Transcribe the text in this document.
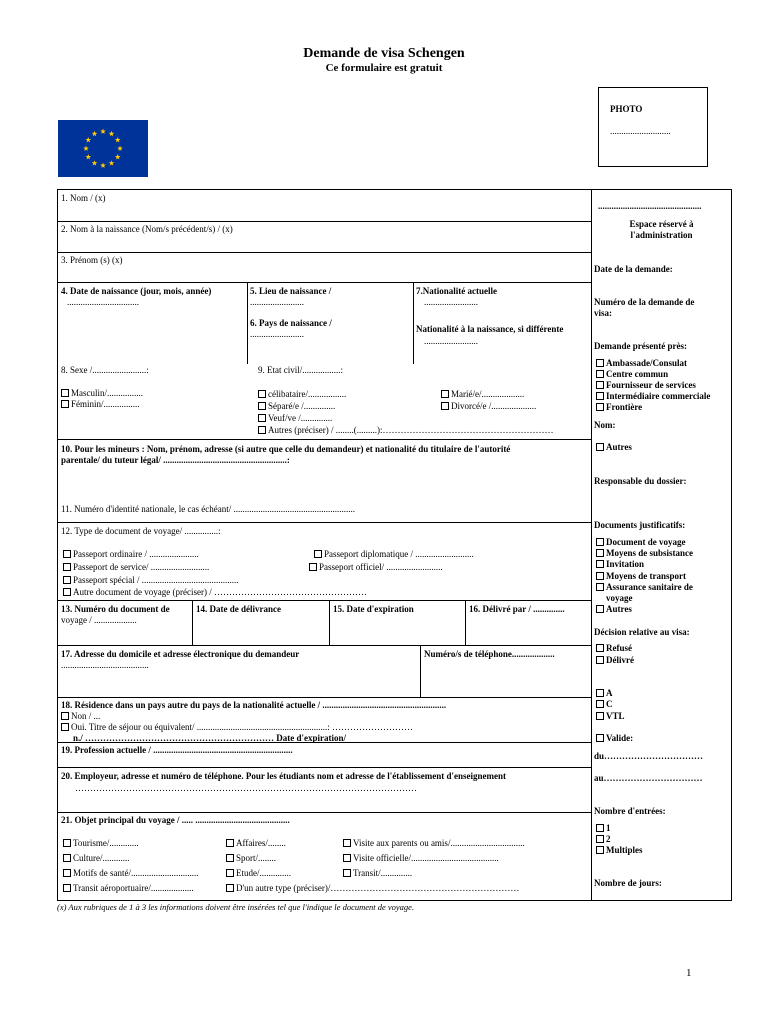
Demande de visa Schengen
Ce formulaire est gratuit
PHOTO
...........................
1. Nom / (x)
2. Nom à la naissance (Nom/s précédent/s) / (x)
3. Prénom (s) (x)
4. Date de naissance (jour, mois, année)
................................
5. Lieu de naissance /
........................
6. Pays de naissance /
........................
7.Nationalité actuelle
........................
Nationalité à la naissance, si différente
........................
8. Sexe /........................:
Masculin/................
Féminin/................
9. Etat civil/.................:
célibataire/.................
Séparé/e /..............
Veuf/ve /..............
Autres (préciser) / ........(.........):…………………………………………………
Marié/e/...................
Divorcé/e /....................
10. Pour les mineurs : Nom, prénom, adresse (si autre que celle du demandeur) et nationalité du titulaire de l'autorité
parentale/ du tuteur légal/ .......................................................:
11. Numéro d'identité nationale, le cas échéant/ ......................................................
12. Type de document de voyage/ ...............:
Passeport ordinaire / ......................
Passeport de service/ ..........................
Passeport spécial / ...........................................
Autre document de voyage (préciser) / ……………………………………………
Passeport diplomatique / ..........................
Passeport officiel/ .........................
13. Numéro du document de
voyage / ...................
14. Date de délivrance	15. Date d'expiration	16. Délivré par / ..............
17. Adresse du domicile et adresse électronique du demandeur
.......................................
Numéro/s de téléphone...................
18. Résidence dans un pays autre du pays de la nationalité actuelle / .......................................................
Non / ...
Oui. Titre de séjour ou équivalent/ ..........................................................: ………………………
n./ ……………………………………………………… Date d'expiration/
19. Profession actuelle / ..............................................................
20. Employeur, adresse et numéro de téléphone. Pour les étudiants nom et adresse de l'établissement d'enseignement
……………………………………………………………………………………………………
21. Objet principal du voyage / ..... ..........................................
Tourisme/.............
Culture/............
Motifs de santé/..............................
Transit aéroportuaire/...................
Affaires/........
Sport/........
Etude/..............
D'un autre type (préciser)/………………………………………………………
Visite aux parents ou amis/.................................
Visite officielle/.......................................
Transit/..............
..............................................
Espace réservé à
l'administration
Date de la demande:
Numéro de la demande de
visa:
Demande présenté près:
Ambassade/Consulat
Centre commun
Fournisseur de services
Intermédiaire commerciale
Frontière
Nom:
Autres
Responsable du dossier:
Documents justificatifs:
Document de voyage
Moyens de subsistance
Invitation
Moyens de transport
Assurance sanitaire de
voyage
Autres
Décision relative au visa:
Refusé
Délivré
A
C
VTL
Valide:
du……………………………
au……………………………
Nombre d'entrées:
1
2
Multiples
Nombre de jours:
(x) Aux rubriques de 1 à 3 les informations doivent être insérées tel que l'indique le document de voyage.
1
